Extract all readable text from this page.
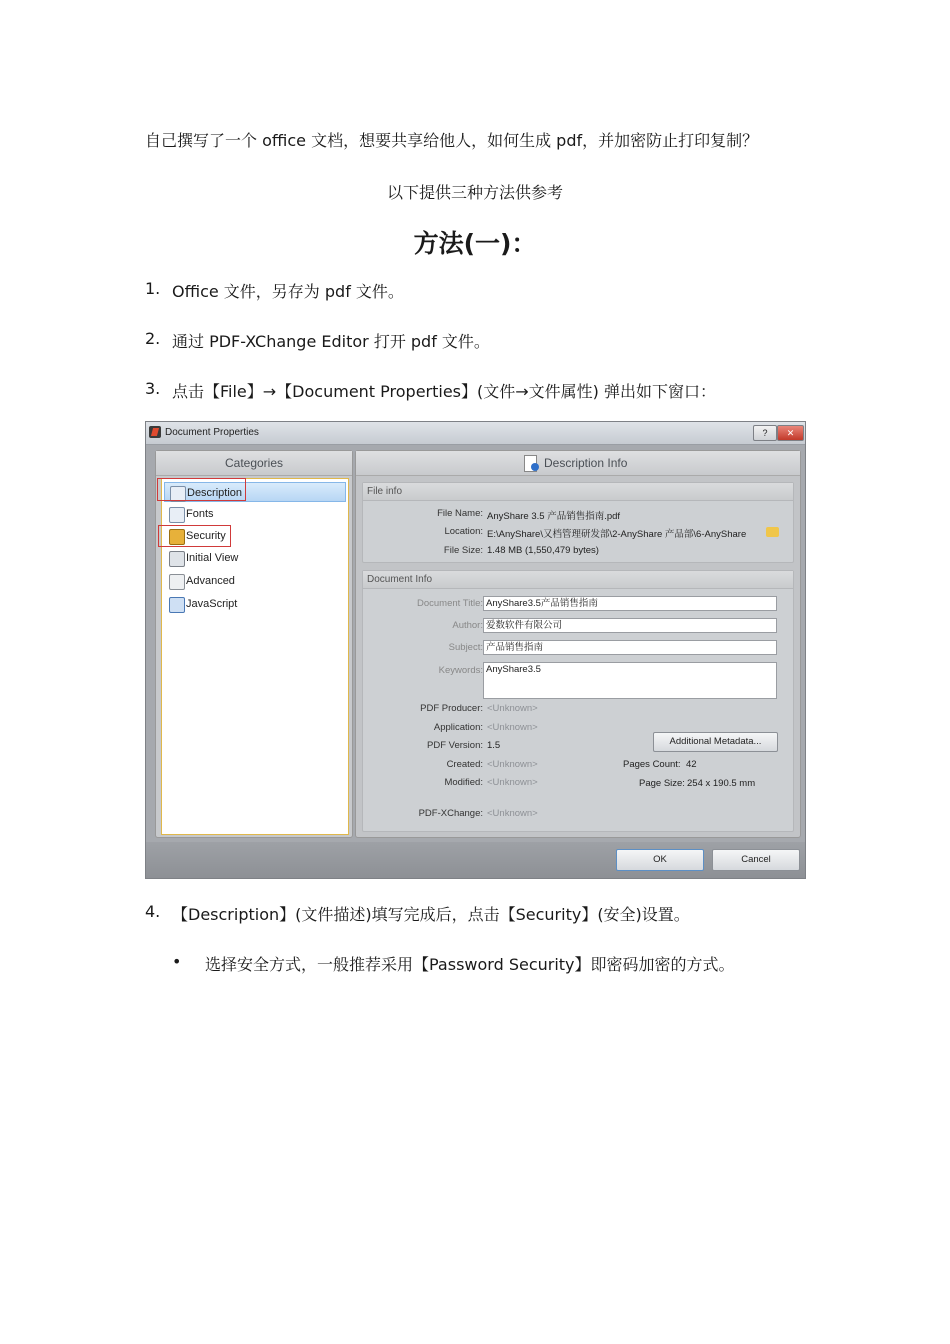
自己撰写了一个 office 文档，想要共享给他人，如何生成 pdf，并加密防止打印复制？
以下提供三种方法供参考
方法(一)：
1. Office 文件，另存为 pdf 文件。
2. 通过 PDF-XChange Editor 打开 pdf 文件。
3. 点击【File】→【Document Properties】(文件→文件属性) 弹出如下窗口：
Document Properties	?	✕
Categories
Description
Fonts
Security
Initial View
Advanced
JavaScript
Description Info
File info
File Name: AnyShare 3.5 产品销售指南.pdf
Location: E:\AnyShare\又档管理研发部\2-AnyShare 产品部\6-AnyShare
File Size: 1.48 MB (1,550,479 bytes)
Document Info
Document Title: AnyShare3.5产品销售指南
Author: 爱数软件有限公司
Subject: 产品销售指南
Keywords: AnyShare3.5
PDF Producer: <Unknown>
Application: <Unknown>
PDF Version: 1.5	Additional Metadata...
Created: <Unknown>	Pages Count: 42
Modified: <Unknown>	Page Size: 254 x 190.5 mm
PDF-XChange: <Unknown>
OK	Cancel
4. 【Description】(文件描述)填写完成后，点击【Security】(安全)设置。
• 选择安全方式，一般推荐采用【Password Security】即密码加密的方式。
